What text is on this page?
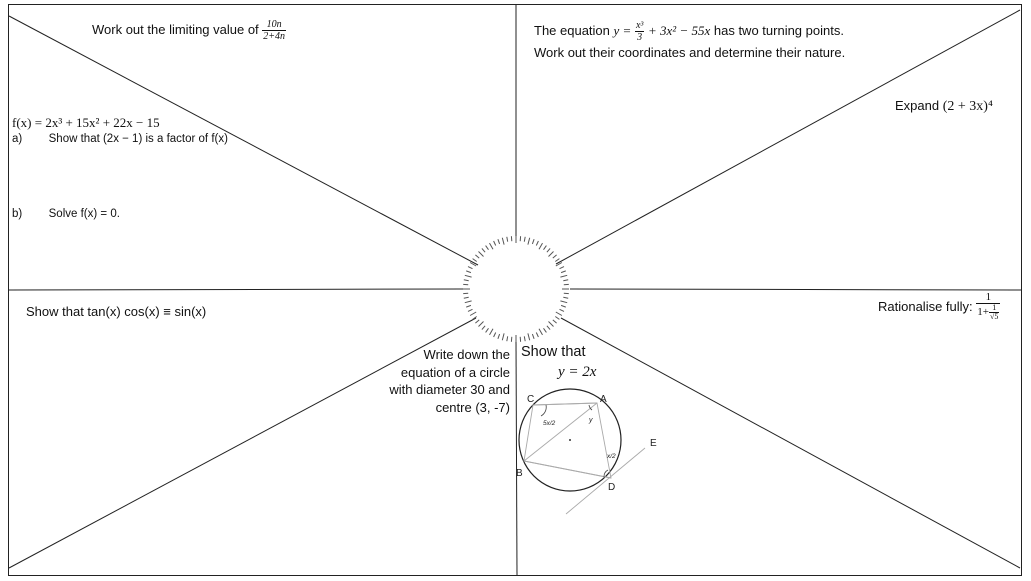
C	A
B
D
E
5x/2	y
x/2
Work out the limiting value of $\frac{10n}{2+4n}$	The equation $y = \frac{\text{x³}}{3} + 3x^2 - 55x$ has two turning points.
Work out their coordinates and determine their nature.
Expand (2 + 3x)⁴
f(x) = 2x³ + 15x² + 22x − 15
a) Show that (2x − 1) is a factor of f(x)
b) Solve f(x) = 0.
Show that tan(x) cos(x) ≡ sin(x)	Rationalise fully: $\frac{1}{1+ \frac{1}{√5}}$
Write down the
equation of a circle
with diameter 30 and
centre (3, -7)
Show that
y = 2x
